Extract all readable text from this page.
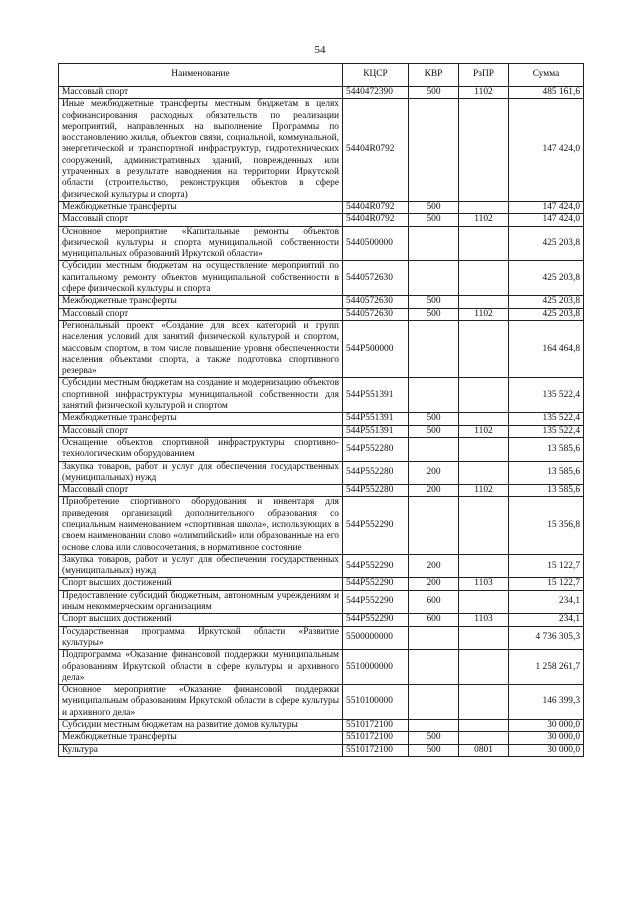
54
Наименование	КЦСР	КВР	РзПР	Сумма
Массовый спорт	5440472390	500	1102	485 161,6
Иные межбюджетные трансферты местным бюджетам в целях софинансирования расходных обязательств по реализации мероприятий, направленных на выполнение Программы по восстановлению жилья, объектов связи, социальной, коммунальной, энергетической и транспортной инфраструктур, гидротехнических сооружений, административных зданий, поврежденных или утраченных в результате наводнения на территории Иркутской области (строительство, реконструкция объектов в сфере физической культуры и спорта)	54404R0792			147 424,0
Межбюджетные трансферты	54404R0792	500		147 424,0
Массовый спорт	54404R0792	500	1102	147 424,0
Основное мероприятие «Капитальные ремонты объектов физической культуры и спорта муниципальной собственности муниципальных образований Иркутской области»	5440500000			425 203,8
Субсидии местным бюджетам на осуществление мероприятий по капитальному ремонту объектов муниципальной собственности в сфере физической культуры и спорта	5440572630			425 203,8
Межбюджетные трансферты	5440572630	500		425 203,8
Массовый спорт	5440572630	500	1102	425 203,8
Региональный проект «Создание для всех категорий и групп населения условий для занятий физической культурой и спортом, массовым спортом, в том числе повышение уровня обеспеченности населения объектами спорта, а также подготовка спортивного резерва»	544P500000			164 464,8
Субсидии местным бюджетам на создание и модернизацию объектов спортивной инфраструктуры муниципальной собственности для занятий физической культурой и спортом	544P551391			135 522,4
Межбюджетные трансферты	544P551391	500		135 522,4
Массовый спорт	544P551391	500	1102	135 522,4
Оснащение объектов спортивной инфраструктуры спортивно-технологическим оборудованием	544P552280			13 585,6
Закупка товаров, работ и услуг для обеспечения государственных (муниципальных) нужд	544P552280	200		13 585,6
Массовый спорт	544P552280	200	1102	13 585,6
Приобретение спортивного оборудования и инвентаря для приведения организаций дополнительного образования со специальным наименованием «спортивная школа», использующих в своем наименовании слово «олимпийский» или образованные на его основе слова или словосочетания, в нормативное состояние	544P552290			15 356,8
Закупка товаров, работ и услуг для обеспечения государственных (муниципальных) нужд	544P552290	200		15 122,7
Спорт высших достижений	544P552290	200	1103	15 122,7
Предоставление субсидий бюджетным, автономным учреждениям и иным некоммерческим организациям	544P552290	600		234,1
Спорт высших достижений	544P552290	600	1103	234,1
Государственная программа Иркутской области «Развитие культуры»	5500000000			4 736 305,3
Подпрограмма «Оказание финансовой поддержки муниципальным образованиям Иркутской области в сфере культуры и архивного дела»	5510000000			1 258 261,7
Основное мероприятие «Оказание финансовой поддержки муниципальным образованиям Иркутской области в сфере культуры и архивного дела»	5510100000			146 399,3
Субсидии местным бюджетам на развитие домов культуры	5510172100			30 000,0
Межбюджетные трансферты	5510172100	500		30 000,0
Культура	5510172100	500	0801	30 000,0
